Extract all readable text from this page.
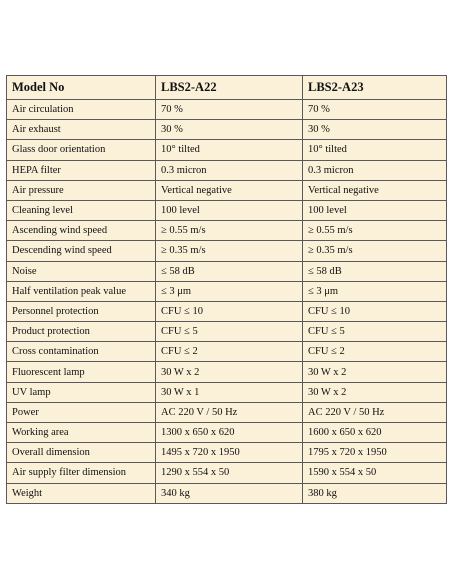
Model No	LBS2-A22	LBS2-A23
Air circulation	70 %	70 %
Air exhaust	30 %	30 %
Glass door orientation	10° tilted	10° tilted
HEPA filter	0.3 micron	0.3 micron
Air pressure	Vertical negative	Vertical negative
Cleaning level	100 level	100 level
Ascending wind speed	≥ 0.55 m/s	≥ 0.55 m/s
Descending wind speed	≥ 0.35 m/s	≥ 0.35 m/s
Noise	≤ 58 dB	≤ 58 dB
Half ventilation peak value	≤ 3 μm	≤ 3 μm
Personnel protection	CFU ≤ 10	CFU ≤ 10
Product protection	CFU ≤ 5	CFU ≤ 5
Cross contamination	CFU ≤ 2	CFU ≤ 2
Fluorescent lamp	30 W x 2	30 W x 2
UV lamp	30 W x 1	30 W x 2
Power	AC 220 V / 50 Hz	AC 220 V / 50 Hz
Working area	1300 x 650 x 620	1600 x 650 x 620
Overall dimension	1495 x 720 x 1950	1795 x 720 x 1950
Air supply filter dimension	1290 x 554 x 50	1590 x 554 x 50
Weight	340 kg	380 kg
